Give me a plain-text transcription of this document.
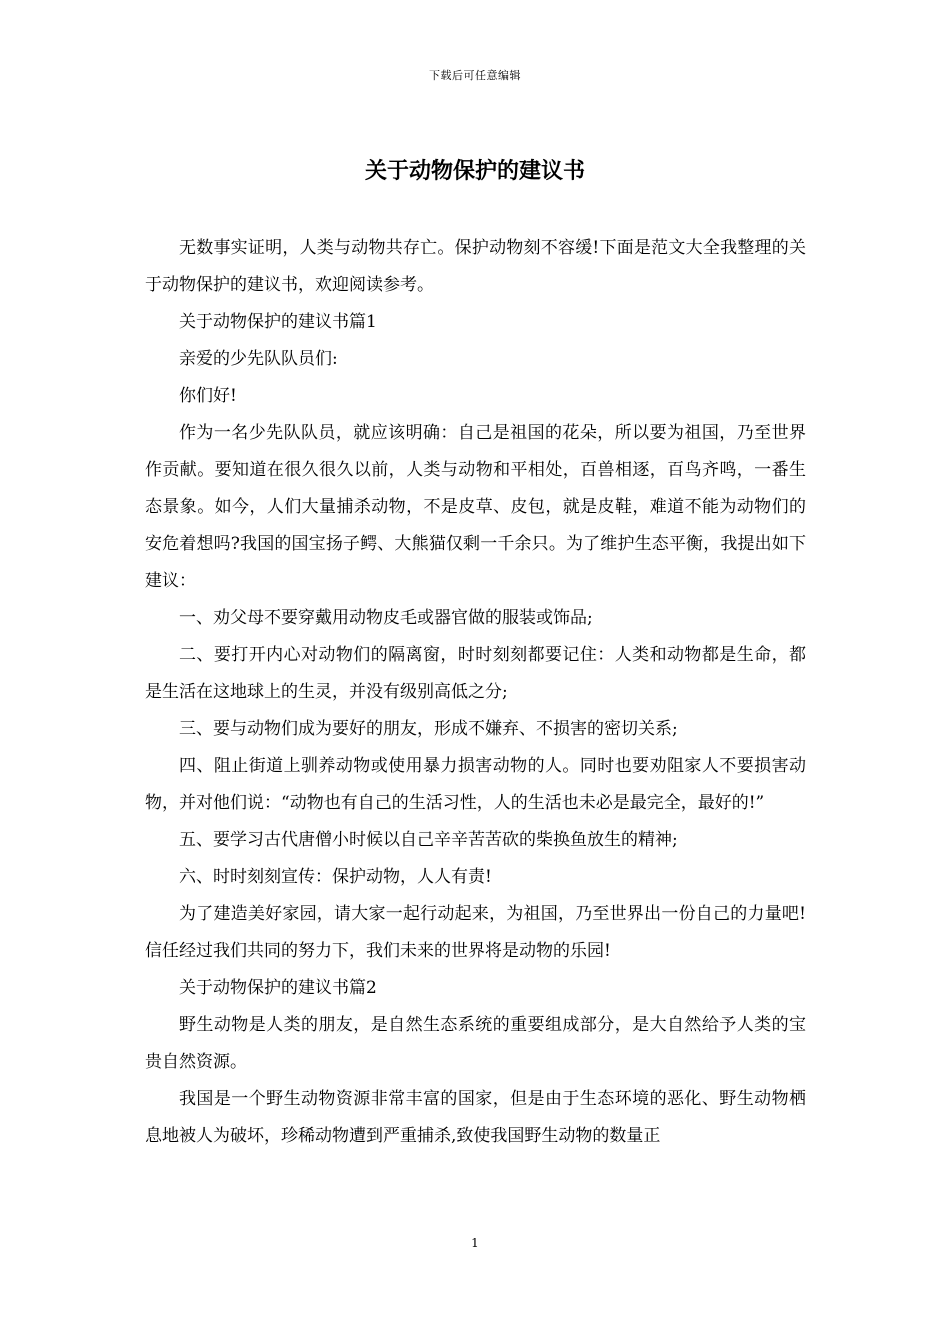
下载后可任意编辑
关于动物保护的建议书

无数事实证明，人类与动物共存亡。保护动物刻不容缓!下面是范文大全我整理的关于动物保护的建议书，欢迎阅读参考。

关于动物保护的建议书篇1

亲爱的少先队队员们:

你们好!

作为一名少先队队员，就应该明确：自己是祖国的花朵，所以要为祖国，乃至世界作贡献。要知道在很久很久以前，人类与动物和平相处，百兽相逐，百鸟齐鸣，一番生态景象。如今，人们大量捕杀动物，不是皮草、皮包，就是皮鞋，难道不能为动物们的安危着想吗?我国的国宝扬子鳄、大熊猫仅剩一千余只。为了维护生态平衡，我提出如下建议：

一、劝父母不要穿戴用动物皮毛或器官做的服装或饰品;

二、要打开内心对动物们的隔离窗，时时刻刻都要记住：人类和动物都是生命，都是生活在这地球上的生灵，并没有级别高低之分;

三、要与动物们成为要好的朋友，形成不嫌弃、不损害的密切关系;

四、阻止街道上驯养动物或使用暴力损害动物的人。同时也要劝阻家人不要损害动物，并对他们说：“动物也有自己的生活习性，人的生活也未必是最完全，最好的!”

五、要学习古代唐僧小时候以自己辛辛苦苦砍的柴换鱼放生的精神;

六、时时刻刻宣传：保护动物，人人有责!

为了建造美好家园，请大家一起行动起来，为祖国，乃至世界出一份自己的力量吧!信任经过我们共同的努力下，我们未来的世界将是动物的乐园!

关于动物保护的建议书篇2

野生动物是人类的朋友，是自然生态系统的重要组成部分，是大自然给予人类的宝贵自然资源。

我国是一个野生动物资源非常丰富的国家，但是由于生态环境的恶化、野生动物栖息地被人为破坏，珍稀动物遭到严重捕杀,致使我国野生动物的数量正

1
